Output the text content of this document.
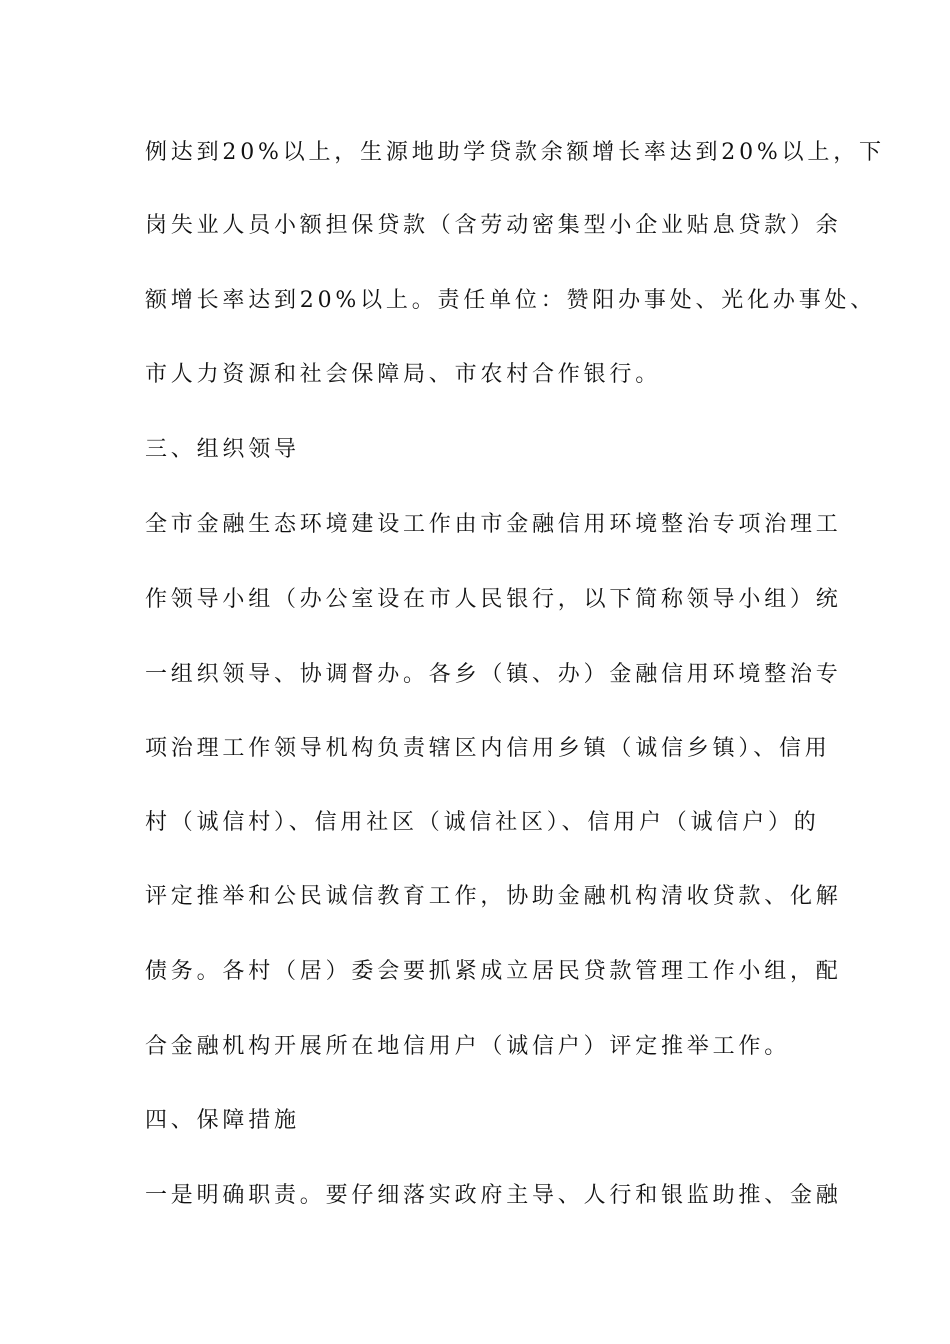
例达到20%以上，生源地助学贷款余额增长率达到20%以上，下
岗失业人员小额担保贷款（含劳动密集型小企业贴息贷款）余
额增长率达到20%以上。责任单位：赞阳办事处、光化办事处、
市人力资源和社会保障局、市农村合作银行。
三、组织领导
全市金融生态环境建设工作由市金融信用环境整治专项治理工
作领导小组（办公室设在市人民银行，以下简称领导小组）统
一组织领导、协调督办。各乡（镇、办）金融信用环境整治专
项治理工作领导机构负责辖区内信用乡镇（诚信乡镇）、信用
村（诚信村）、信用社区（诚信社区）、信用户（诚信户）的
评定推举和公民诚信教育工作，协助金融机构清收贷款、化解
债务。各村（居）委会要抓紧成立居民贷款管理工作小组，配
合金融机构开展所在地信用户（诚信户）评定推举工作。
四、保障措施
一是明确职责。要仔细落实政府主导、人行和银监助推、金融
